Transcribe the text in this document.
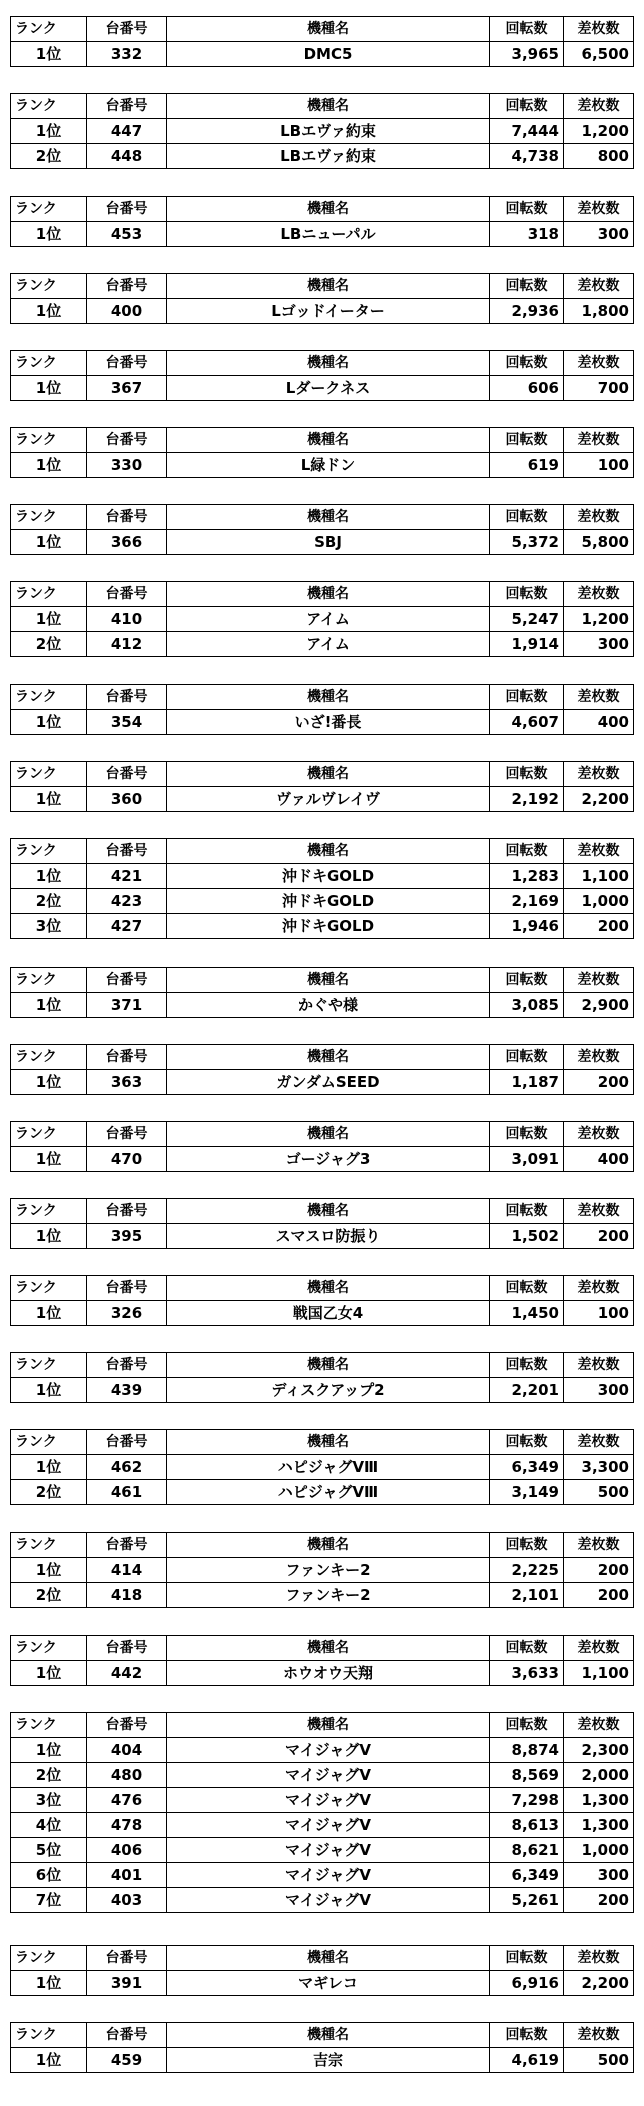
ランク	台番号	機種名	回転数	差枚数
1位	332	DMC5	3,965	6,500
ランク	台番号	機種名	回転数	差枚数
1位	447	LBエヴァ約束	7,444	1,200
2位	448	LBエヴァ約束	4,738	800
ランク	台番号	機種名	回転数	差枚数
1位	453	LBニューパル	318	300
ランク	台番号	機種名	回転数	差枚数
1位	400	Lゴッドイーター	2,936	1,800
ランク	台番号	機種名	回転数	差枚数
1位	367	Lダークネス	606	700
ランク	台番号	機種名	回転数	差枚数
1位	330	L緑ドン	619	100
ランク	台番号	機種名	回転数	差枚数
1位	366	SBJ	5,372	5,800
ランク	台番号	機種名	回転数	差枚数
1位	410	アイム	5,247	1,200
2位	412	アイム	1,914	300
ランク	台番号	機種名	回転数	差枚数
1位	354	いざ!番長	4,607	400
ランク	台番号	機種名	回転数	差枚数
1位	360	ヴァルヴレイヴ	2,192	2,200
ランク	台番号	機種名	回転数	差枚数
1位	421	沖ドキGOLD	1,283	1,100
2位	423	沖ドキGOLD	2,169	1,000
3位	427	沖ドキGOLD	1,946	200
ランク	台番号	機種名	回転数	差枚数
1位	371	かぐや様	3,085	2,900
ランク	台番号	機種名	回転数	差枚数
1位	363	ガンダムSEED	1,187	200
ランク	台番号	機種名	回転数	差枚数
1位	470	ゴージャグ3	3,091	400
ランク	台番号	機種名	回転数	差枚数
1位	395	スマスロ防振り	1,502	200
ランク	台番号	機種名	回転数	差枚数
1位	326	戦国乙女4	1,450	100
ランク	台番号	機種名	回転数	差枚数
1位	439	ディスクアップ2	2,201	300
ランク	台番号	機種名	回転数	差枚数
1位	462	ハピジャグVⅢ	6,349	3,300
2位	461	ハピジャグVⅢ	3,149	500
ランク	台番号	機種名	回転数	差枚数
1位	414	ファンキー2	2,225	200
2位	418	ファンキー2	2,101	200
ランク	台番号	機種名	回転数	差枚数
1位	442	ホウオウ天翔	3,633	1,100
ランク	台番号	機種名	回転数	差枚数
1位	404	マイジャグV	8,874	2,300
2位	480	マイジャグV	8,569	2,000
3位	476	マイジャグV	7,298	1,300
4位	478	マイジャグV	8,613	1,300
5位	406	マイジャグV	8,621	1,000
6位	401	マイジャグV	6,349	300
7位	403	マイジャグV	5,261	200
ランク	台番号	機種名	回転数	差枚数
1位	391	マギレコ	6,916	2,200
ランク	台番号	機種名	回転数	差枚数
1位	459	吉宗	4,619	500
